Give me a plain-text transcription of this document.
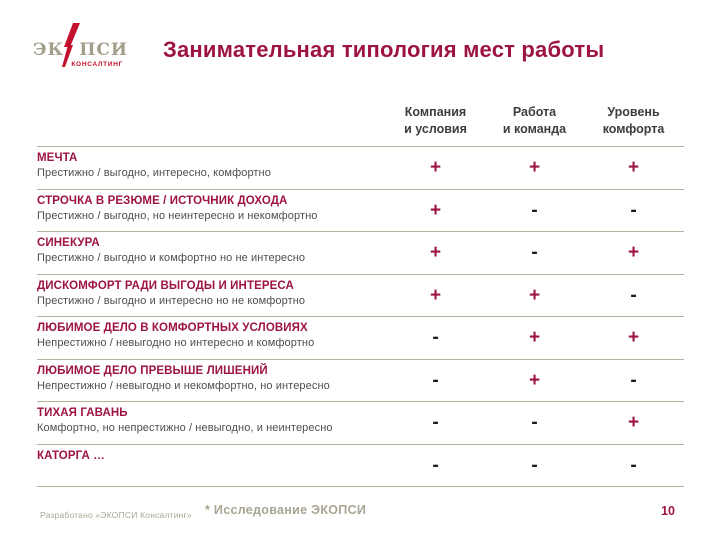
ЭК ПСИ
КОНСАЛТИНГ
Занимательная типология мест работы
Компания
и условия
Работа
и команда
Уровень
комфорта
МЕЧТА
Престижно / выгодно, интересно, комфортно	+	+	+
СТРОЧКА В РЕЗЮМЕ / ИСТОЧНИК ДОХОДА
Престижно / выгодно, но неинтересно и некомфортно	+	-	-
СИНЕКУРА
Престижно / выгодно и комфортно но не интересно	+	-	+
ДИСКОМФОРТ РАДИ ВЫГОДЫ И ИНТЕРЕСА
Престижно / выгодно и интересно но не комфортно	+	+	-
ЛЮБИМОЕ ДЕЛО В КОМФОРТНЫХ УСЛОВИЯХ
Непрестижно / невыгодно но интересно и комфортно	-	+	+
ЛЮБИМОЕ ДЕЛО ПРЕВЫШЕ ЛИШЕНИЙ
Непрестижно / невыгодно и некомфортно, но интересно	-	+	-
ТИХАЯ ГАВАНЬ
Комфортно, но непрестижно / невыгодно, и неинтересно	-	-	+
КАТОРГА …	-	-	-
Разработано «ЭКОПСИ Консалтинг» * Исследование ЭКОПСИ	10
